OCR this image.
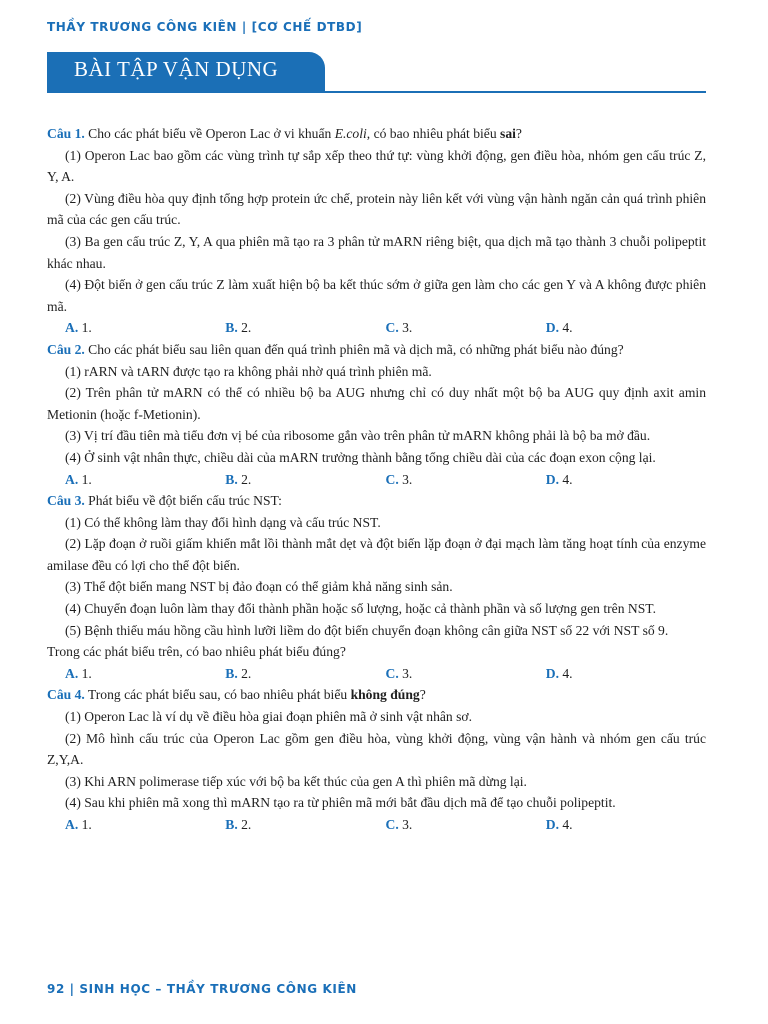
THẦY TRƯƠNG CÔNG KIÊN | [CƠ CHẾ DTBD]
BÀI TẬP VẬN DỤNG

Câu 1. Cho các phát biểu về Operon Lac ở vi khuẩn E.coli, có bao nhiêu phát biểu sai?

(1) Operon Lac bao gồm các vùng trình tự sắp xếp theo thứ tự: vùng khởi động, gen điều hòa, nhóm gen cấu trúc Z, Y, A.

(2) Vùng điều hòa quy định tổng hợp protein ức chế, protein này liên kết với vùng vận hành ngăn cản quá trình phiên mã của các gen cấu trúc.

(3) Ba gen cấu trúc Z, Y, A qua phiên mã tạo ra 3 phân tử mARN riêng biệt, qua dịch mã tạo thành 3 chuỗi polipeptit khác nhau.

(4) Đột biến ở gen cấu trúc Z làm xuất hiện bộ ba kết thúc sớm ở giữa gen làm cho các gen Y và A không được phiên mã.

A. 1.	B. 2.	C. 3.	D. 4.

Câu 2. Cho các phát biểu sau liên quan đến quá trình phiên mã và dịch mã, có những phát biểu nào đúng?

(1) rARN và tARN được tạo ra không phải nhờ quá trình phiên mã.

(2) Trên phân tử mARN có thể có nhiều bộ ba AUG nhưng chỉ có duy nhất một bộ ba AUG quy định axit amin Metionin (hoặc f-Metionin).

(3) Vị trí đầu tiên mà tiểu đơn vị bé của ribosome gắn vào trên phân tử mARN không phải là bộ ba mở đầu.

(4) Ở sinh vật nhân thực, chiều dài của mARN trưởng thành bằng tổng chiều dài của các đoạn exon cộng lại.

A. 1.	B. 2.	C. 3.	D. 4.

Câu 3. Phát biểu về đột biến cấu trúc NST:

(1) Có thể không làm thay đổi hình dạng và cấu trúc NST.

(2) Lặp đoạn ở ruồi giấm khiến mắt lồi thành mắt dẹt và đột biến lặp đoạn ở đại mạch làm tăng hoạt tính của enzyme amilase đều có lợi cho thể đột biến.

(3) Thể đột biến mang NST bị đảo đoạn có thể giảm khả năng sinh sản.

(4) Chuyển đoạn luôn làm thay đổi thành phần hoặc số lượng, hoặc cả thành phần và số lượng gen trên NST.

(5) Bệnh thiếu máu hồng cầu hình lưỡi liềm do đột biến chuyển đoạn không cân giữa NST số 22 với NST số 9.

Trong các phát biểu trên, có bao nhiêu phát biểu đúng?

A. 1.	B. 2.	C. 3.	D. 4.

Câu 4. Trong các phát biểu sau, có bao nhiêu phát biểu không đúng?

(1) Operon Lac là ví dụ về điều hòa giai đoạn phiên mã ở sinh vật nhân sơ.

(2) Mô hình cấu trúc của Operon Lac gồm gen điều hòa, vùng khởi động, vùng vận hành và nhóm gen cấu trúc Z,Y,A.

(3) Khi ARN polimerase tiếp xúc với bộ ba kết thúc của gen A thì phiên mã dừng lại.

(4) Sau khi phiên mã xong thì mARN tạo ra từ phiên mã mới bắt đầu dịch mã để tạo chuỗi polipeptit.

A. 1.	B. 2.	C. 3.	D. 4.
92 | SINH HỌC – THẦY TRƯƠNG CÔNG KIÊN
